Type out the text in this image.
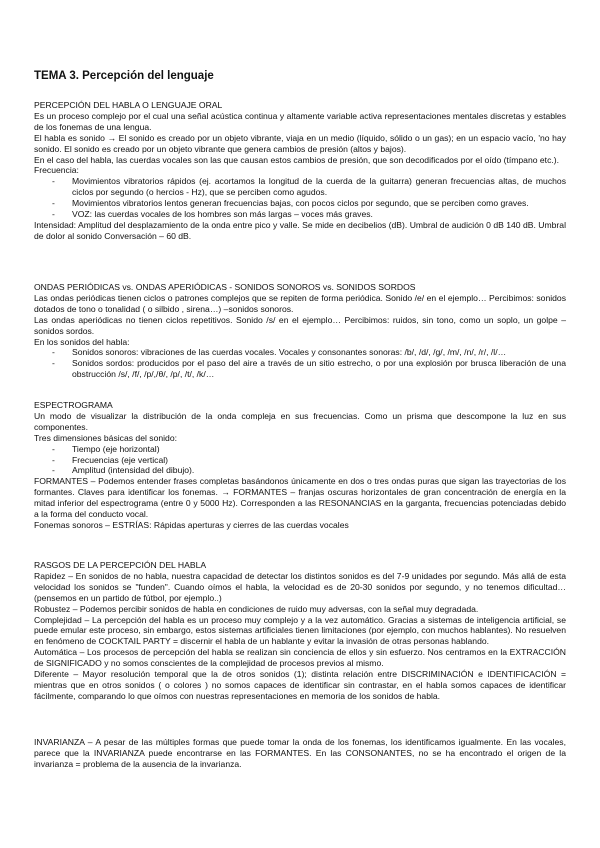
TEMA 3. Percepción del lenguaje

PERCEPCIÓN DEL HABLA O LENGUAJE ORAL

Es un proceso complejo por el cual una señal acústica continua y altamente variable activa representaciones mentales discretas y estables de los fonemas de una lengua.

El habla es sonido → El sonido es creado por un objeto vibrante, viaja en un medio (líquido, sólido o un gas); en un espacio vacío, 'no hay sonido. El sonido es creado por un objeto vibrante que genera cambios de presión (altos y bajos).

En el caso del habla, las cuerdas vocales son las que causan estos cambios de presión, que son decodificados por el oído (tímpano etc.).

Frecuencia:

- Movimientos vibratorios rápidos (ej. acortamos la longitud de la cuerda de la guitarra) generan frecuencias altas, de muchos ciclos por segundo (o hercios - Hz), que se perciben como agudos.
- Movimientos vibratorios lentos generan frecuencias bajas, con pocos ciclos por segundo, que se perciben como graves.
- VOZ: las cuerdas vocales de los hombres son más largas – voces más graves.

Intensidad: Amplitud del desplazamiento de la onda entre pico y valle. Se mide en decibelios (dB). Umbral de audición 0 dB 140 dB. Umbral de dolor al sonido Conversación – 60 dB.

ONDAS PERIÓDICAS vs. ONDAS APERIÓDICAS - SONIDOS SONOROS vs. SONIDOS SORDOS

Las ondas periódicas tienen ciclos o patrones complejos que se repiten de forma periódica. Sonido /e/ en el ejemplo… Percibimos: sonidos dotados de tono o tonalidad ( o silbido , sirena…) –sonidos sonoros.

Las ondas aperiódicas no tienen ciclos repetitivos. Sonido /s/ en el ejemplo… Percibimos: ruidos, sin tono, como un soplo, un golpe – sonidos sordos.

En los sonidos del habla:

- Sonidos sonoros: vibraciones de las cuerdas vocales. Vocales y consonantes sonoras: /b/, /d/, /g/, /m/, /n/, /r/, /l/…
- Sonidos sordos: producidos por el paso del aire a través de un sitio estrecho, o por una explosión por brusca liberación de una obstrucción /s/, /f/, /p/,/θ/, /p/, /t/, /k/…

ESPECTROGRAMA

Un modo de visualizar la distribución de la onda compleja en sus frecuencias. Como un prisma que descompone la luz en sus componentes.

Tres dimensiones básicas del sonido:

- Tiempo (eje horizontal)
- Frecuencias (eje vertical)
- Amplitud (intensidad del dibujo).

FORMANTES – Podemos entender frases completas basándonos únicamente en dos o tres ondas puras que sigan las trayectorias de los formantes. Claves para identificar los fonemas. → FORMANTES – franjas oscuras horizontales de gran concentración de energía en la mitad inferior del espectrograma (entre 0 y 5000 Hz). Corresponden a las RESONANCIAS en la garganta, frecuencias potenciadas debido a la forma del conducto vocal.

Fonemas sonoros – ESTRÍAS: Rápidas aperturas y cierres de las cuerdas vocales

RASGOS DE LA PERCEPCIÓN DEL HABLA

Rapidez – En sonidos de no habla, nuestra capacidad de detectar los distintos sonidos es del 7-9 unidades por segundo. Más allá de esta velocidad los sonidos se "funden". Cuando oímos el habla, la velocidad es de 20-30 sonidos por segundo, y no tenemos dificultad…(pensemos en un partido de fútbol, por ejemplo..)

Robustez – Podemos percibir sonidos de habla en condiciones de ruido muy adversas, con la señal muy degradada.

Complejidad – La percepción del habla es un proceso muy complejo y a la vez automático. Gracias a sistemas de inteligencia artificial, se puede emular este proceso, sin embargo, estos sistemas artificiales tienen limitaciones (por ejemplo, con muchos hablantes). No resuelven en fenómeno de COCKTAIL PARTY = discernir el habla de un hablante y evitar la invasión de otras personas hablando.

Automática – Los procesos de percepción del habla se realizan sin conciencia de ellos y sin esfuerzo. Nos centramos en la EXTRACCIÓN de SIGNIFICADO y no somos conscientes de la complejidad de procesos previos al mismo.

Diferente – Mayor resolución temporal que la de otros sonidos (1); distinta relación entre DISCRIMINACIÓN e IDENTIFICACIÓN = mientras que en otros sonidos ( o colores ) no somos capaces de identificar sin contrastar, en el habla somos capaces de identificar fácilmente, comparando lo que oímos con nuestras representaciones en memoria de los sonidos de habla.

INVARIANZA – A pesar de las múltiples formas que puede tomar la onda de los fonemas, los identificamos igualmente. En las vocales, parece que la INVARIANZA puede encontrarse en las FORMANTES. En las CONSONANTES, no se ha encontrado el origen de la invarianza = problema de la ausencia de la invarianza.
